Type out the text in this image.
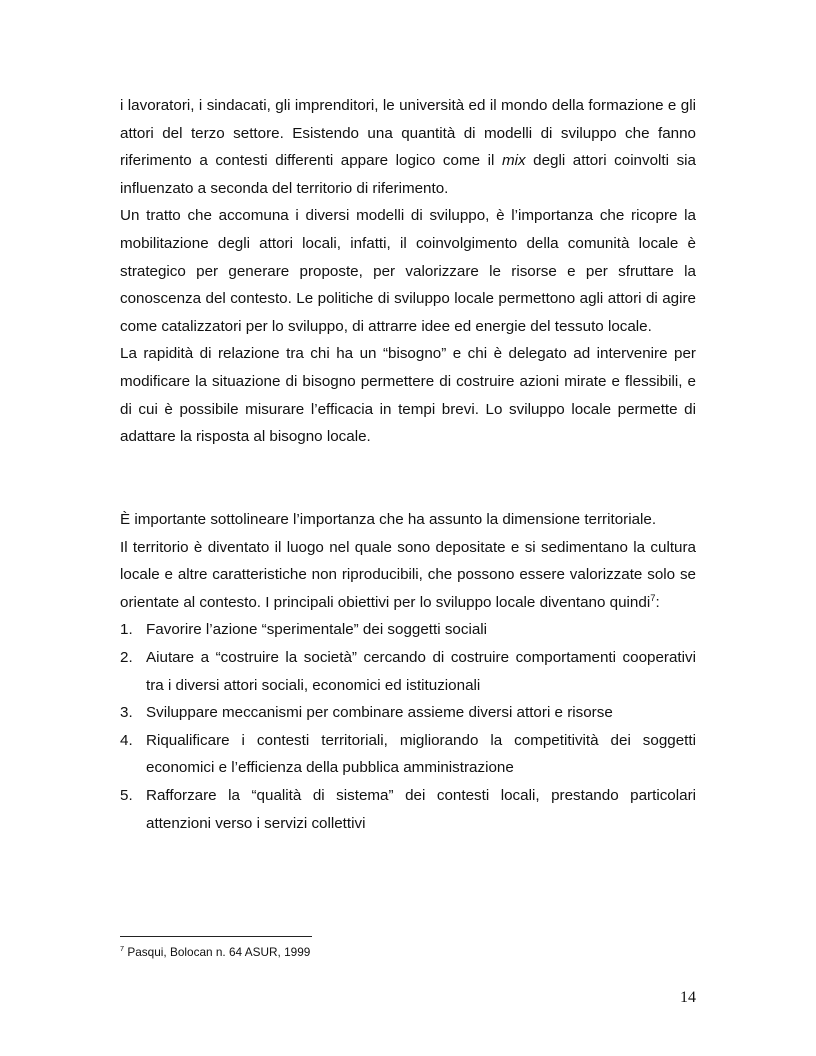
i lavoratori, i sindacati, gli imprenditori, le università ed il mondo della formazione e gli attori del terzo settore. Esistendo una quantità di modelli di sviluppo che fanno riferimento a contesti differenti appare logico come il mix degli attori coinvolti sia influenzato a seconda del territorio di riferimento.

Un tratto che accomuna i diversi modelli di sviluppo, è l’importanza che ricopre la mobilitazione degli attori locali, infatti, il coinvolgimento della comunità locale è strategico per generare proposte, per valorizzare le risorse e per sfruttare la conoscenza del contesto. Le politiche di sviluppo locale permettono agli attori di agire come catalizzatori per lo sviluppo, di attrarre idee ed energie del tessuto locale.

La rapidità di relazione tra chi ha un “bisogno” e chi è delegato ad intervenire per modificare la situazione di bisogno permettere di costruire azioni mirate e flessibili, e di cui è possibile misurare l’efficacia in tempi brevi. Lo sviluppo locale permette di adattare la risposta al bisogno locale.

È importante sottolineare l’importanza che ha assunto la dimensione territoriale.

Il territorio è diventato il luogo nel quale sono depositate e si sedimentano la cultura locale e altre caratteristiche non riproducibili, che possono essere valorizzate solo se orientate al contesto. I principali obiettivi per lo sviluppo locale diventano quindi$^7$:

1. Favorire l’azione “sperimentale” dei soggetti sociali
2. Aiutare a “costruire la società” cercando di costruire comportamenti cooperativi tra i diversi attori sociali, economici ed istituzionali
3. Sviluppare meccanismi per combinare assieme diversi attori e risorse
4. Riqualificare i contesti territoriali, migliorando la competitività dei soggetti economici e l’efficienza della pubblica amministrazione
5. Rafforzare la “qualità di sistema” dei contesti locali, prestando particolari attenzioni verso i servizi collettivi
$^7$ Pasqui, Bolocan n. 64 ASUR, 1999
14
